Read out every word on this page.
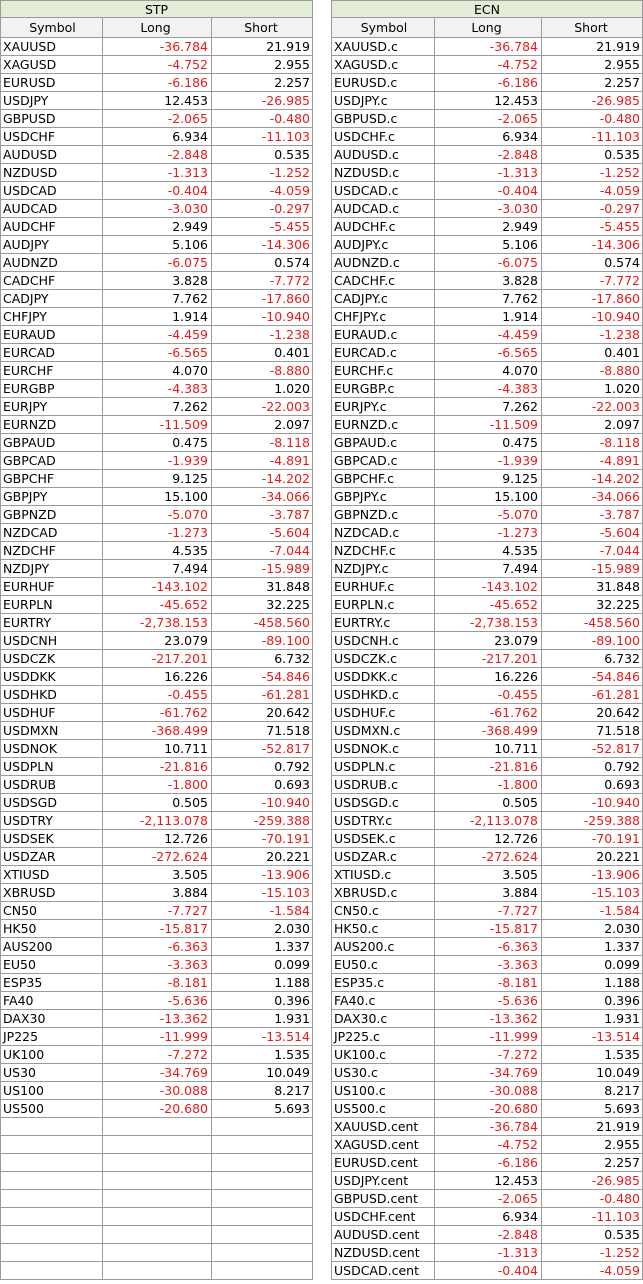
STP
Symbol	Long	Short
XAUUSD	-36.784	21.919
XAGUSD	-4.752	2.955
EURUSD	-6.186	2.257
USDJPY	12.453	-26.985
GBPUSD	-2.065	-0.480
USDCHF	6.934	-11.103
AUDUSD	-2.848	0.535
NZDUSD	-1.313	-1.252
USDCAD	-0.404	-4.059
AUDCAD	-3.030	-0.297
AUDCHF	2.949	-5.455
AUDJPY	5.106	-14.306
AUDNZD	-6.075	0.574
CADCHF	3.828	-7.772
CADJPY	7.762	-17.860
CHFJPY	1.914	-10.940
EURAUD	-4.459	-1.238
EURCAD	-6.565	0.401
EURCHF	4.070	-8.880
EURGBP	-4.383	1.020
EURJPY	7.262	-22.003
EURNZD	-11.509	2.097
GBPAUD	0.475	-8.118
GBPCAD	-1.939	-4.891
GBPCHF	9.125	-14.202
GBPJPY	15.100	-34.066
GBPNZD	-5.070	-3.787
NZDCAD	-1.273	-5.604
NZDCHF	4.535	-7.044
NZDJPY	7.494	-15.989
EURHUF	-143.102	31.848
EURPLN	-45.652	32.225
EURTRY	-2,738.153	-458.560
USDCNH	23.079	-89.100
USDCZK	-217.201	6.732
USDDKK	16.226	-54.846
USDHKD	-0.455	-61.281
USDHUF	-61.762	20.642
USDMXN	-368.499	71.518
USDNOK	10.711	-52.817
USDPLN	-21.816	0.792
USDRUB	-1.800	0.693
USDSGD	0.505	-10.940
USDTRY	-2,113.078	-259.388
USDSEK	12.726	-70.191
USDZAR	-272.624	20.221
XTIUSD	3.505	-13.906
XBRUSD	3.884	-15.103
CN50	-7.727	-1.584
HK50	-15.817	2.030
AUS200	-6.363	1.337
EU50	-3.363	0.099
ESP35	-8.181	1.188
FA40	-5.636	0.396
DAX30	-13.362	1.931
JP225	-11.999	-13.514
UK100	-7.272	1.535
US30	-34.769	10.049
US100	-30.088	8.217
US500	-20.680	5.693
ECN
Symbol	Long	Short
XAUUSD.c	-36.784	21.919
XAGUSD.c	-4.752	2.955
EURUSD.c	-6.186	2.257
USDJPY.c	12.453	-26.985
GBPUSD.c	-2.065	-0.480
USDCHF.c	6.934	-11.103
AUDUSD.c	-2.848	0.535
NZDUSD.c	-1.313	-1.252
USDCAD.c	-0.404	-4.059
AUDCAD.c	-3.030	-0.297
AUDCHF.c	2.949	-5.455
AUDJPY.c	5.106	-14.306
AUDNZD.c	-6.075	0.574
CADCHF.c	3.828	-7.772
CADJPY.c	7.762	-17.860
CHFJPY.c	1.914	-10.940
EURAUD.c	-4.459	-1.238
EURCAD.c	-6.565	0.401
EURCHF.c	4.070	-8.880
EURGBP.c	-4.383	1.020
EURJPY.c	7.262	-22.003
EURNZD.c	-11.509	2.097
GBPAUD.c	0.475	-8.118
GBPCAD.c	-1.939	-4.891
GBPCHF.c	9.125	-14.202
GBPJPY.c	15.100	-34.066
GBPNZD.c	-5.070	-3.787
NZDCAD.c	-1.273	-5.604
NZDCHF.c	4.535	-7.044
NZDJPY.c	7.494	-15.989
EURHUF.c	-143.102	31.848
EURPLN.c	-45.652	32.225
EURTRY.c	-2,738.153	-458.560
USDCNH.c	23.079	-89.100
USDCZK.c	-217.201	6.732
USDDKK.c	16.226	-54.846
USDHKD.c	-0.455	-61.281
USDHUF.c	-61.762	20.642
USDMXN.c	-368.499	71.518
USDNOK.c	10.711	-52.817
USDPLN.c	-21.816	0.792
USDRUB.c	-1.800	0.693
USDSGD.c	0.505	-10.940
USDTRY.c	-2,113.078	-259.388
USDSEK.c	12.726	-70.191
USDZAR.c	-272.624	20.221
XTIUSD.c	3.505	-13.906
XBRUSD.c	3.884	-15.103
CN50.c	-7.727	-1.584
HK50.c	-15.817	2.030
AUS200.c	-6.363	1.337
EU50.c	-3.363	0.099
ESP35.c	-8.181	1.188
FA40.c	-5.636	0.396
DAX30.c	-13.362	1.931
JP225.c	-11.999	-13.514
UK100.c	-7.272	1.535
US30.c	-34.769	10.049
US100.c	-30.088	8.217
US500.c	-20.680	5.693
XAUUSD.cent	-36.784	21.919
XAGUSD.cent	-4.752	2.955
EURUSD.cent	-6.186	2.257
USDJPY.cent	12.453	-26.985
GBPUSD.cent	-2.065	-0.480
USDCHF.cent	6.934	-11.103
AUDUSD.cent	-2.848	0.535
NZDUSD.cent	-1.313	-1.252
USDCAD.cent	-0.404	-4.059
